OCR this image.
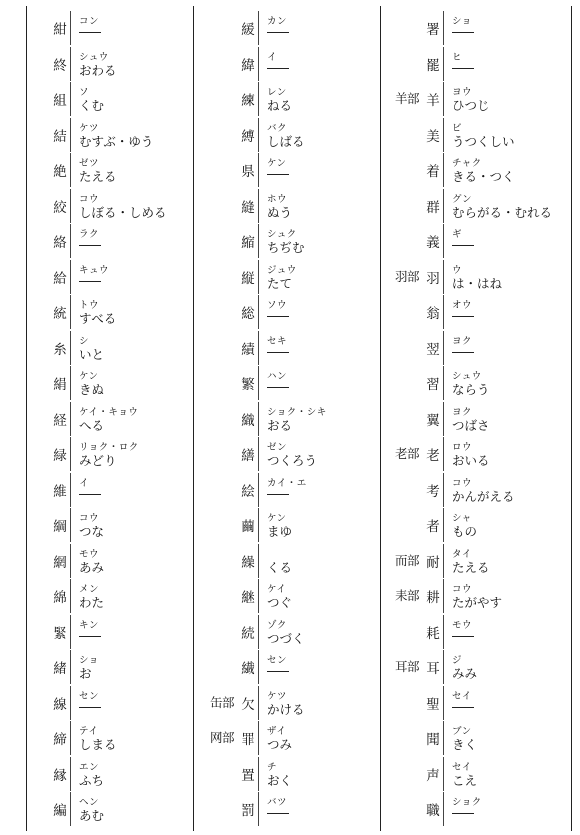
紺
コン
終
シュウ
おわる
組
ソ
くむ
結
ケツ
むすぶ・ゆう
絶
ゼツ
たえる
絞
コウ
しぼる・しめる
絡
ラク
給
キュウ
統
トウ
すべる
糸
シ
いと
絹
ケン
きぬ
経
ケイ・キョウ
へる
緑
リョク・ロク
みどり
維
イ
綱
コウ
つな
網
モウ
あみ
綿
メン
わた
緊
キン
緒
ショ
お
線
セン
締
テイ
しまる
縁
エン
ふち
編
ヘン
あむ
緩
カン
緯
イ
練
レン
ねる
縛
バク
しばる
県
ケン
縫
ホウ
ぬう
縮
シュク
ちぢむ
縦
ジュウ
たて
総
ソウ
績
セキ
繁
ハン
織
ショク・シキ
おる
繕
ゼン
つくろう
絵
カイ・エ
繭
ケン
まゆ
繰 くる
継
ケイ
つぐ
続
ゾク
つづく
繊
セン
缶部 欠
ケツ
かける
网部 罪
ザイ
つみ
置
チ
おく
罰
バツ
署
ショ
罷
ヒ
羊部 羊
ヨウ
ひつじ
美
ビ
うつくしい
着
チャク
きる・つく
群
グン
むらがる・むれる
義
ギ
羽部 羽
ウ
は・はね
翁
オウ
翌
ヨク
習
シュウ
ならう
翼
ヨク
つばさ
老部 老
ロウ
おいる
考
コウ
かんがえる
者
シャ
もの
而部 耐
タイ
たえる
耒部 耕
コウ
たがやす
耗
モウ
耳部 耳
ジ
みみ
聖
セイ
聞
ブン
きく
声
セイ
こえ
職
ショク
